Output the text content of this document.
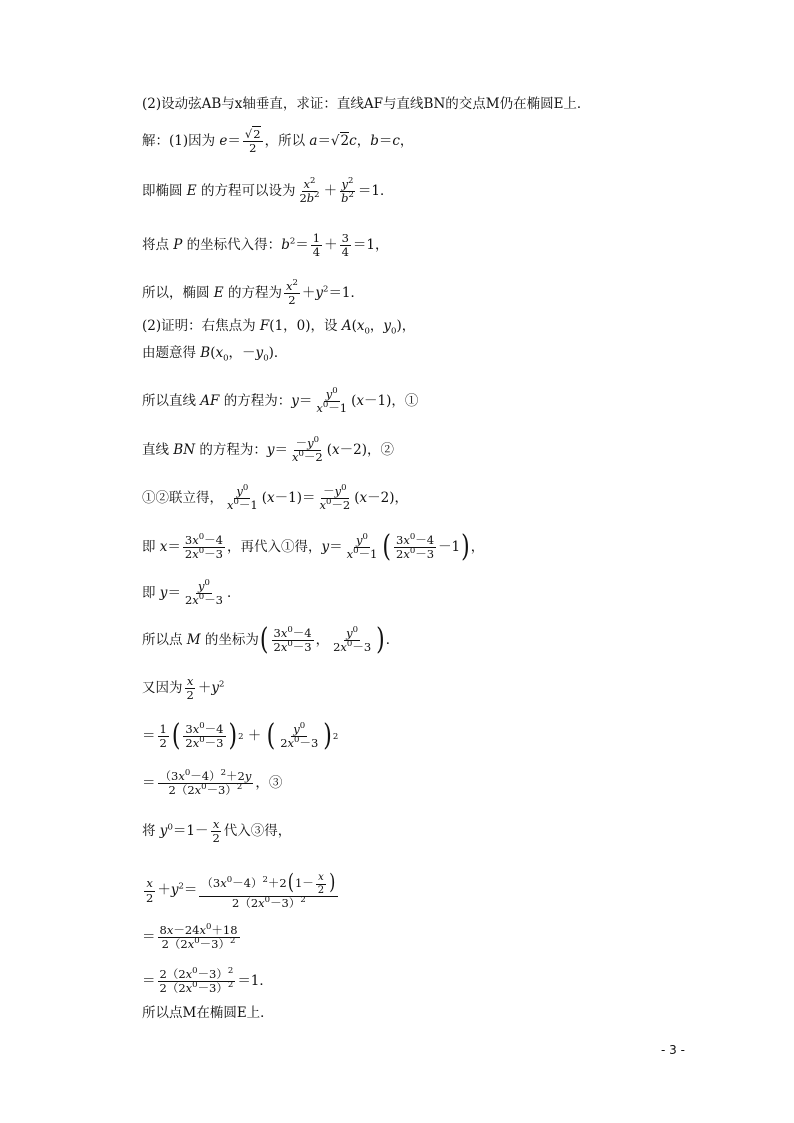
(2)设动弦AB与x轴垂直，求证：直线AF与直线BN的交点M仍在椭圆E上．
解：(1)因为 $e = \frac{√2}{2}$ ，所以 a ＝√2c，b＝c，
即椭圆 E 的方程可以设为 $\frac{x^2}{2b^2} + \frac{y^2}{b^2} =1$．
将点 P 的坐标代入得：$b^2= \frac{1}{4} + \frac{3}{4} =1$，
所以，椭圆 E 的方程为 $\frac{x^2}{2} +y^2=1$．
(2)证明：右焦点为 F(1，0)，设 $A(x_0$，$y_0$)，
由题意得 $B(x_0$，$-y_0$)．
所以直线 AF 的方程为：$y= \frac{y^0}{x^0-1} (x-1)$，①
直线 BN 的方程为：$y= \frac{-y^0}{x^0-2} (x-2)$，②
①②联立得， $\frac{y^0}{x^0-1} (x-1)= \frac{-y^0}{x^0-2} (x-2)$，
即 $x= \frac{3x^0-4}{2x^0-3}$ ，再代入①得，$y= \frac{y^0}{x^0-1}$ ( $\frac{3x^0-4}{2x^0-3} -1$ ) ，
即 $y= \frac{y^0}{2x^0-3}$ ．
所以点 M 的坐标为 ( $\frac{3x^0-4}{2x^0-3}$ ， $\frac{y^0}{2x^0-3}$ ) ．
又因为 $\frac{x}{2} +y^2$
＝ $\frac{1}{2}$ ( $\frac{3x^0-4}{2x^0-3}$ ) 2 ＋ ( $\frac{y^0}{2x^0-3}$ ) 2
＝ $\frac{(3x^0-4)^2+2y}{2(2x^0-3)^2}$ ，③
将 $y^0=1- \frac{x}{2}$ 代入③得，
$\frac{x}{2} +y^2= \frac{(3x^0-4)^2+2(1- \frac{x}{2} )}{2(2x^0-3)^2}$
＝ $\frac{8x-24x^0+18}{2(2x^0-3)^2}$
＝ $\frac{2(2x^0-3)^2}{2(2x^0-3)^2} =1$．
所以点M在椭圆E上．
- 3 -
